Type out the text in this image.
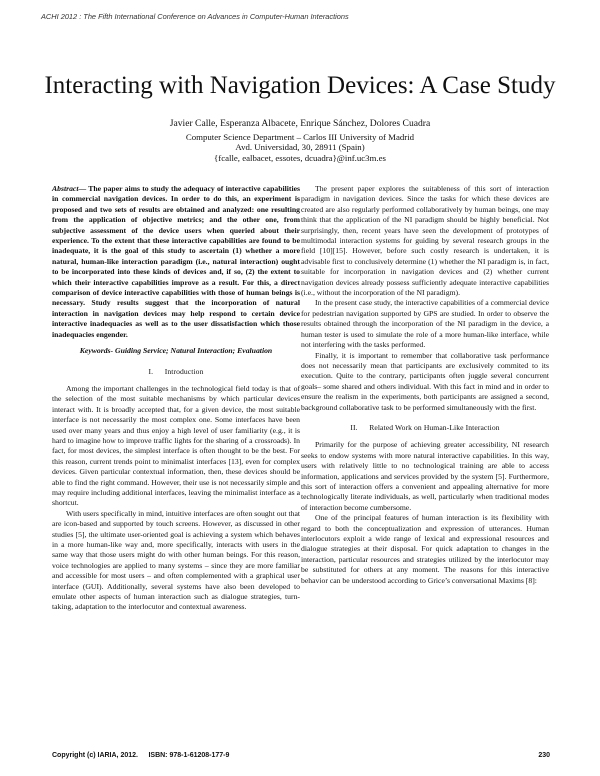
ACHI 2012 : The Fifth International Conference on Advances in Computer-Human Interactions
Interacting with Navigation Devices: A Case Study
Javier Calle, Esperanza Albacete, Enrique Sánchez, Dolores Cuadra
Computer Science Department – Carlos III University of Madrid
Avd. Universidad, 30, 28911 (Spain)
{fcalle, ealbacet, essotes, dcuadra}@inf.uc3m.es

Abstract— The paper aims to study the adequacy of interactive capabilities in commercial navigation devices. In order to do this, an experiment is proposed and two sets of results are obtained and analyzed: one resulting from the application of objective metrics; and the other one, from subjective assessment of the device users when queried about their experience. To the extent that these interactive capabilities are found to be inadequate, it is the goal of this study to ascertain (1) whether a more natural, human-like interaction paradigm (i.e., natural interaction) ought to be incorporated into these kinds of devices and, if so, (2) the extent to which their interactive capabilities improve as a result. For this, a direct comparison of device interactive capabilities with those of human beings is necessary. Study results suggest that the incorporation of natural interaction in navigation devices may help respond to certain device interactive inadequacies as well as to the user dissatisfaction which those inadequacies engender.

Keywords- Guiding Service; Natural Interaction; Evaluation

I.  Introduction

Among the important challenges in the technological field today is that of the selection of the most suitable mechanisms by which particular devices interact with. It is broadly accepted that, for a given device, the most suitable interface is not necessarily the most complex one. Some interfaces have been used over many years and thus enjoy a high level of user familiarity (e.g., it is hard to imagine how to improve traffic lights for the sharing of a crossroads). In fact, for most devices, the simplest interface is often thought to be the best. For this reason, current trends point to minimalist interfaces [13], even for complex devices. Given particular contextual information, then, these devices should be able to find the right command. However, their use is not necessarily simple and may require including additional interfaces, leaving the minimalist interface as a shortcut.

With users specifically in mind, intuitive interfaces are often sought out that are icon-based and supported by touch screens. However, as discussed in other studies [5], the ultimate user-oriented goal is achieving a system which behaves in a more human-like way and, more specifically, interacts with users in the same way that those users might do with other human beings. For this reason, voice technologies are applied to many systems – since they are more familiar and accessible for most users – and often complemented with a graphical user interface (GUI). Additionally, several systems have also been developed to emulate other aspects of human interaction such as dialogue strategies, turn-taking, adaptation to the interlocutor and contextual awareness.

The present paper explores the suitableness of this sort of interaction paradigm in navigation devices. Since the tasks for which these devices are created are also regularly performed collaboratively by human beings, one may think that the application of the NI paradigm should be highly beneficial. Not surprisingly, then, recent years have seen the development of prototypes of multimodal interaction systems for guiding by several research groups in the field [10][15]. However, before such costly research is undertaken, it is advisable first to conclusively determine (1) whether the NI paradigm is, in fact, suitable for incorporation in navigation devices and (2) whether current navigation devices already possess sufficiently adequate interactive capabilities (i.e., without the incorporation of the NI paradigm).

In the present case study, the interactive capabilities of a commercial device for pedestrian navigation supported by GPS are studied. In order to observe the results obtained through the incorporation of the NI paradigm in the device, a human tester is used to simulate the role of a more human-like interface, while not interfering with the tasks performed.

Finally, it is important to remember that collaborative task performance does not necessarily mean that participants are exclusively commited to its execution. Quite to the contrary, participants often juggle several concurrent goals– some shared and others individual. With this fact in mind and in order to ensure the realism in the experiments, both participants are assigned a second, background collaborative task to be performed simultaneously with the first.

II.  Related Work on Human-Like Interaction

Primarily for the purpose of achieving greater accessibility, NI research seeks to endow systems with more natural interactive capabilities. In this way, users with relatively little to no technological training are able to access information, applications and services provided by the system [5]. Furthermore, this sort of interaction offers a convenient and appealing alternative for more technologically literate individuals, as well, particularly when traditional modes of interaction become cumbersome.

One of the principal features of human interaction is its flexibility with regard to both the conceptualization and expression of utterances. Human interlocutors exploit a wide range of lexical and expressional resources and dialogue strategies at their disposal. For quick adaptation to changes in the interaction, particular resources and strategies utilized by the interlocutor may be substituted for others at any moment. The reasons for this interactive behavior can be understood according to Grice’s conversational Maxims [8]:

Copyright (c) IARIA, 2012.  ISBN: 978-1-61208-177-9	230
